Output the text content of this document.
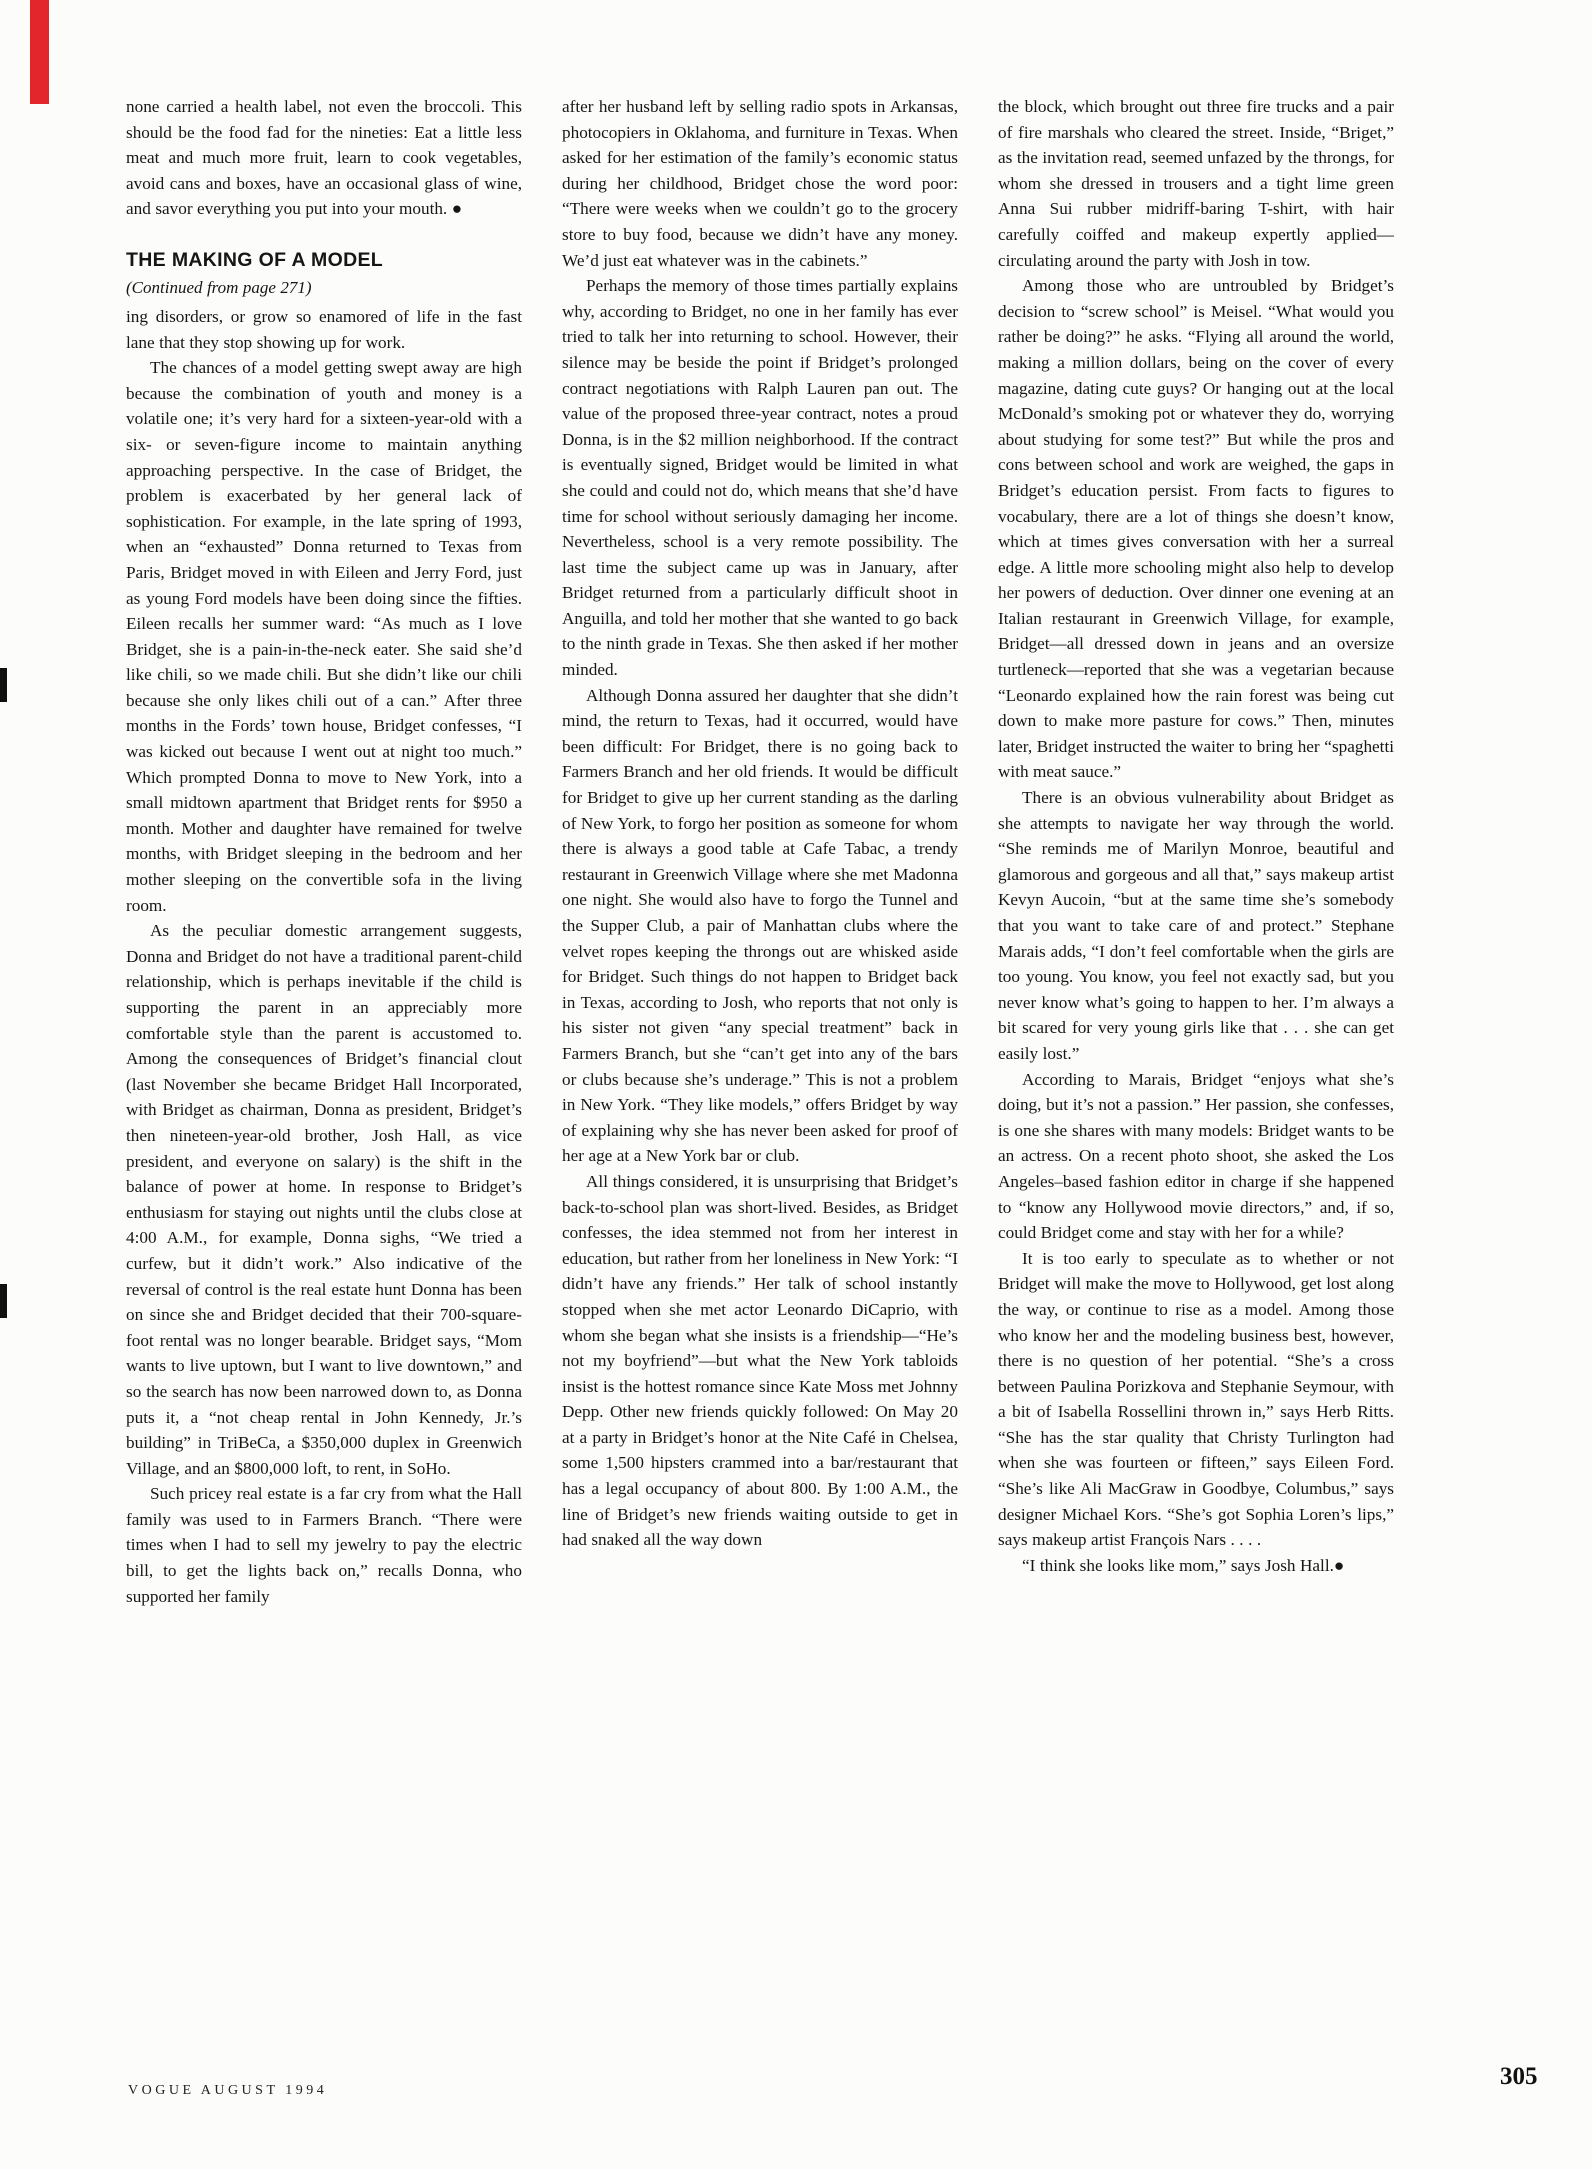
none carried a health label, not even the broccoli. This should be the food fad for the nineties: Eat a little less meat and much more fruit, learn to cook vegetables, avoid cans and boxes, have an occasional glass of wine, and savor everything you put into your mouth. ●

THE MAKING OF A MODEL

(Continued from page 271)

ing disorders, or grow so enamored of life in the fast lane that they stop showing up for work.

The chances of a model getting swept away are high because the combination of youth and money is a volatile one; it’s very hard for a sixteen-year-old with a six- or seven-figure income to maintain anything approaching perspective. In the case of Bridget, the problem is exacerbated by her general lack of sophistication. For example, in the late spring of 1993, when an “exhausted” Donna returned to Texas from Paris, Bridget moved in with Eileen and Jerry Ford, just as young Ford models have been doing since the fifties. Eileen recalls her summer ward: “As much as I love Bridget, she is a pain-in-the-neck eater. She said she’d like chili, so we made chili. But she didn’t like our chili because she only likes chili out of a can.” After three months in the Fords’ town house, Bridget confesses, “I was kicked out because I went out at night too much.” Which prompted Donna to move to New York, into a small midtown apartment that Bridget rents for $950 a month. Mother and daughter have remained for twelve months, with Bridget sleeping in the bedroom and her mother sleeping on the convertible sofa in the living room.

As the peculiar domestic arrangement suggests, Donna and Bridget do not have a traditional parent-child relationship, which is perhaps inevitable if the child is supporting the parent in an appreciably more comfortable style than the parent is accustomed to. Among the consequences of Bridget’s financial clout (last November she became Bridget Hall Incorporated, with Bridget as chairman, Donna as president, Bridget’s then nineteen-year-old brother, Josh Hall, as vice president, and everyone on salary) is the shift in the balance of power at home. In response to Bridget’s enthusiasm for staying out nights until the clubs close at 4:00 A.M., for example, Donna sighs, “We tried a curfew, but it didn’t work.” Also indicative of the reversal of control is the real estate hunt Donna has been on since she and Bridget decided that their 700-square-foot rental was no longer bearable. Bridget says, “Mom wants to live uptown, but I want to live downtown,” and so the search has now been narrowed down to, as Donna puts it, a “not cheap rental in John Kennedy, Jr.’s building” in TriBeCa, a $350,000 duplex in Greenwich Village, and an $800,000 loft, to rent, in SoHo.

Such pricey real estate is a far cry from what the Hall family was used to in Farmers Branch. “There were times when I had to sell my jewelry to pay the electric bill, to get the lights back on,” recalls Donna, who supported her family

after her husband left by selling radio spots in Arkansas, photocopiers in Oklahoma, and furniture in Texas. When asked for her estimation of the family’s economic status during her childhood, Bridget chose the word poor: “There were weeks when we couldn’t go to the grocery store to buy food, because we didn’t have any money. We’d just eat whatever was in the cabinets.”

Perhaps the memory of those times partially explains why, according to Bridget, no one in her family has ever tried to talk her into returning to school. However, their silence may be beside the point if Bridget’s prolonged contract negotiations with Ralph Lauren pan out. The value of the proposed three-year contract, notes a proud Donna, is in the $2 million neighborhood. If the contract is eventually signed, Bridget would be limited in what she could and could not do, which means that she’d have time for school without seriously damaging her income. Nevertheless, school is a very remote possibility. The last time the subject came up was in January, after Bridget returned from a particularly difficult shoot in Anguilla, and told her mother that she wanted to go back to the ninth grade in Texas. She then asked if her mother minded.

Although Donna assured her daughter that she didn’t mind, the return to Texas, had it occurred, would have been difficult: For Bridget, there is no going back to Farmers Branch and her old friends. It would be difficult for Bridget to give up her current standing as the darling of New York, to forgo her position as someone for whom there is always a good table at Cafe Tabac, a trendy restaurant in Greenwich Village where she met Madonna one night. She would also have to forgo the Tunnel and the Supper Club, a pair of Manhattan clubs where the velvet ropes keeping the throngs out are whisked aside for Bridget. Such things do not happen to Bridget back in Texas, according to Josh, who reports that not only is his sister not given “any special treatment” back in Farmers Branch, but she “can’t get into any of the bars or clubs because she’s underage.” This is not a problem in New York. “They like models,” offers Bridget by way of explaining why she has never been asked for proof of her age at a New York bar or club.

All things considered, it is unsurprising that Bridget’s back-to-school plan was short-lived. Besides, as Bridget confesses, the idea stemmed not from her interest in education, but rather from her loneliness in New York: “I didn’t have any friends.” Her talk of school instantly stopped when she met actor Leonardo DiCaprio, with whom she began what she insists is a friendship—“He’s not my boyfriend”—but what the New York tabloids insist is the hottest romance since Kate Moss met Johnny Depp. Other new friends quickly followed: On May 20 at a party in Bridget’s honor at the Nite Café in Chelsea, some 1,500 hipsters crammed into a bar/restaurant that has a legal occupancy of about 800. By 1:00 A.M., the line of Bridget’s new friends waiting outside to get in had snaked all the way down

the block, which brought out three fire trucks and a pair of fire marshals who cleared the street. Inside, “Briget,” as the invitation read, seemed unfazed by the throngs, for whom she dressed in trousers and a tight lime green Anna Sui rubber midriff-baring T-shirt, with hair carefully coiffed and makeup expertly applied—circulating around the party with Josh in tow.

Among those who are untroubled by Bridget’s decision to “screw school” is Meisel. “What would you rather be doing?” he asks. “Flying all around the world, making a million dollars, being on the cover of every magazine, dating cute guys? Or hanging out at the local McDonald’s smoking pot or whatever they do, worrying about studying for some test?” But while the pros and cons between school and work are weighed, the gaps in Bridget’s education persist. From facts to figures to vocabulary, there are a lot of things she doesn’t know, which at times gives conversation with her a surreal edge. A little more schooling might also help to develop her powers of deduction. Over dinner one evening at an Italian restaurant in Greenwich Village, for example, Bridget—all dressed down in jeans and an oversize turtleneck—reported that she was a vegetarian because “Leonardo explained how the rain forest was being cut down to make more pasture for cows.” Then, minutes later, Bridget instructed the waiter to bring her “spaghetti with meat sauce.”

There is an obvious vulnerability about Bridget as she attempts to navigate her way through the world. “She reminds me of Marilyn Monroe, beautiful and glamorous and gorgeous and all that,” says makeup artist Kevyn Aucoin, “but at the same time she’s somebody that you want to take care of and protect.” Stephane Marais adds, “I don’t feel comfortable when the girls are too young. You know, you feel not exactly sad, but you never know what’s going to happen to her. I’m always a bit scared for very young girls like that . . . she can get easily lost.”

According to Marais, Bridget “enjoys what she’s doing, but it’s not a passion.” Her passion, she confesses, is one she shares with many models: Bridget wants to be an actress. On a recent photo shoot, she asked the Los Angeles–based fashion editor in charge if she happened to “know any Hollywood movie directors,” and, if so, could Bridget come and stay with her for a while?

It is too early to speculate as to whether or not Bridget will make the move to Hollywood, get lost along the way, or continue to rise as a model. Among those who know her and the modeling business best, however, there is no question of her potential. “She’s a cross between Paulina Porizkova and Stephanie Seymour, with a bit of Isabella Rossellini thrown in,” says Herb Ritts. “She has the star quality that Christy Turlington had when she was fourteen or fifteen,” says Eileen Ford. “She’s like Ali MacGraw in Goodbye, Columbus,” says designer Michael Kors. “She’s got Sophia Loren’s lips,” says makeup artist François Nars . . . .

“I think she looks like mom,” says Josh Hall.●

VOGUE AUGUST 1994
305
